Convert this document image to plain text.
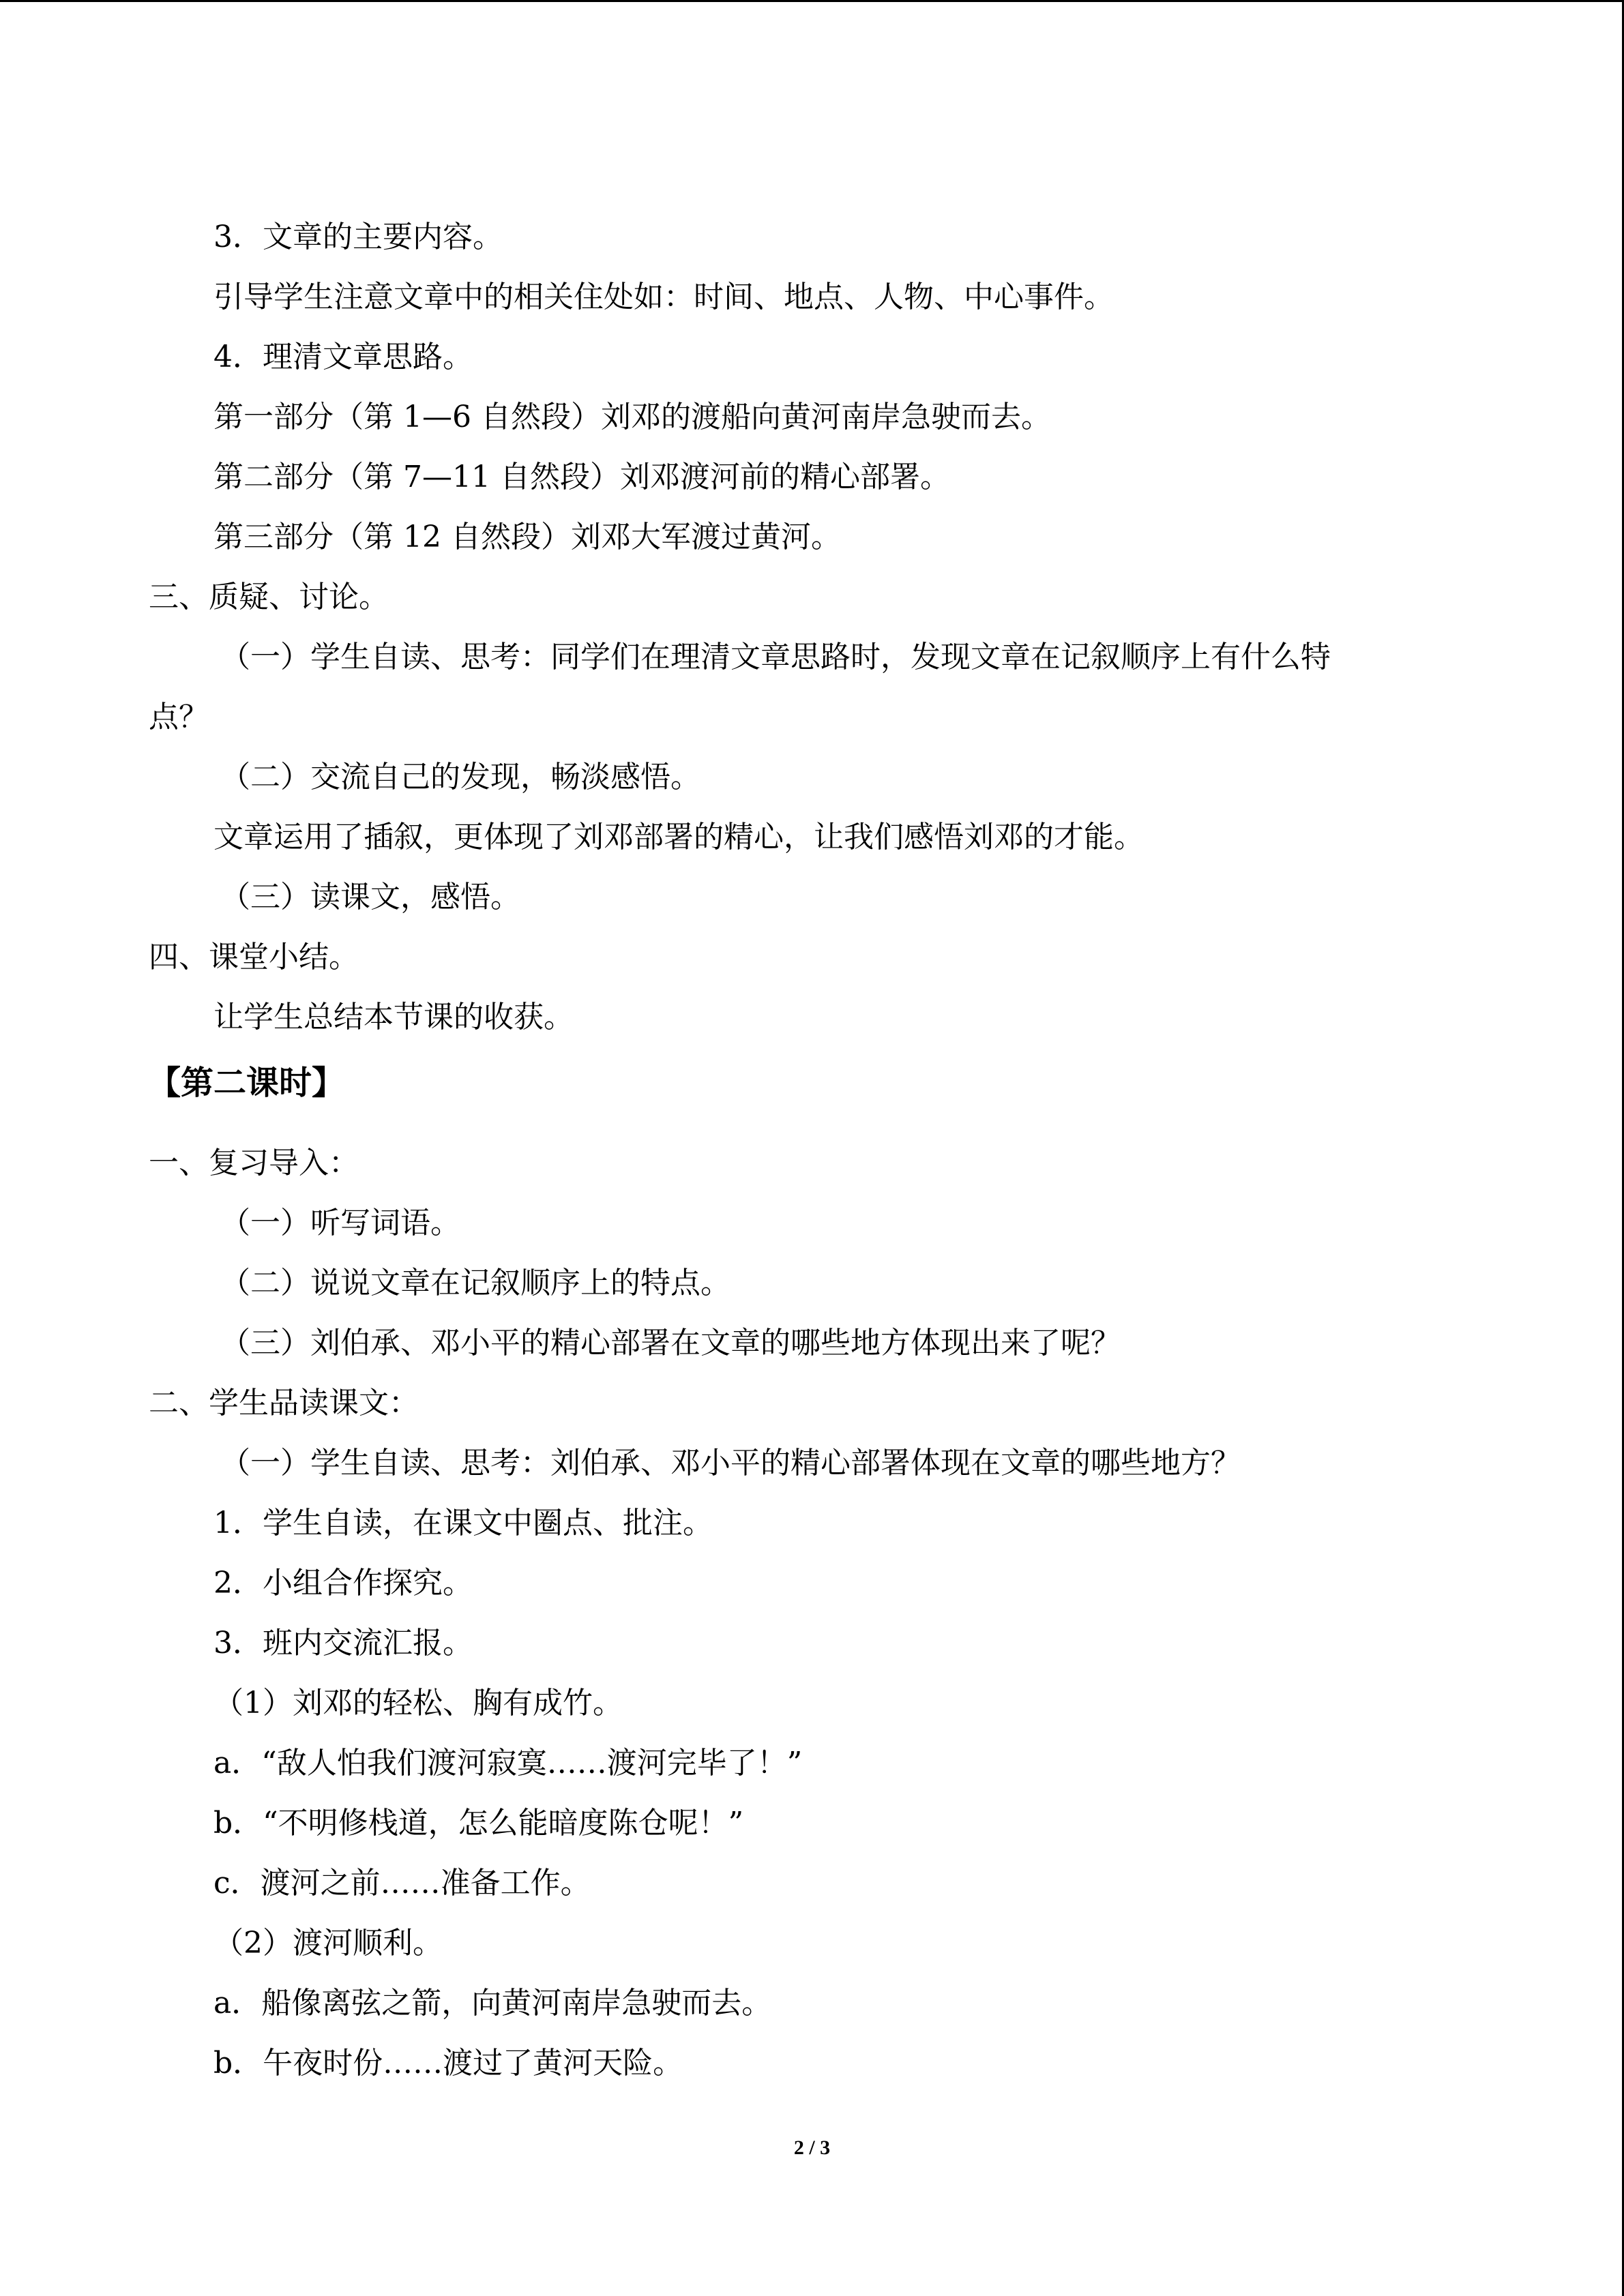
3．文章的主要内容。
引导学生注意文章中的相关住处如：时间、地点、人物、中心事件。
4．理清文章思路。
第一部分（第 1—6 自然段）刘邓的渡船向黄河南岸急驶而去。
第二部分（第 7—11 自然段）刘邓渡河前的精心部署。
第三部分（第 12 自然段）刘邓大军渡过黄河。
三、质疑、讨论。
（一）学生自读、思考：同学们在理清文章思路时，发现文章在记叙顺序上有什么特
点？
（二）交流自己的发现，畅淡感悟。
文章运用了插叙，更体现了刘邓部署的精心，让我们感悟刘邓的才能。
（三）读课文，感悟。
四、课堂小结。
让学生总结本节课的收获。
【第二课时】
一、复习导入：
（一）听写词语。
（二）说说文章在记叙顺序上的特点。
（三）刘伯承、邓小平的精心部署在文章的哪些地方体现出来了呢？
二、学生品读课文：
（一）学生自读、思考：刘伯承、邓小平的精心部署体现在文章的哪些地方？
1．学生自读，在课文中圈点、批注。
2．小组合作探究。
3．班内交流汇报。
（1）刘邓的轻松、胸有成竹。
a．“敌人怕我们渡河寂寞……渡河完毕了！”
b．“不明修栈道，怎么能暗度陈仓呢！”
c．渡河之前……准备工作。
（2）渡河顺利。
a．船像离弦之箭，向黄河南岸急驶而去。
b．午夜时份……渡过了黄河天险。
2 / 3
